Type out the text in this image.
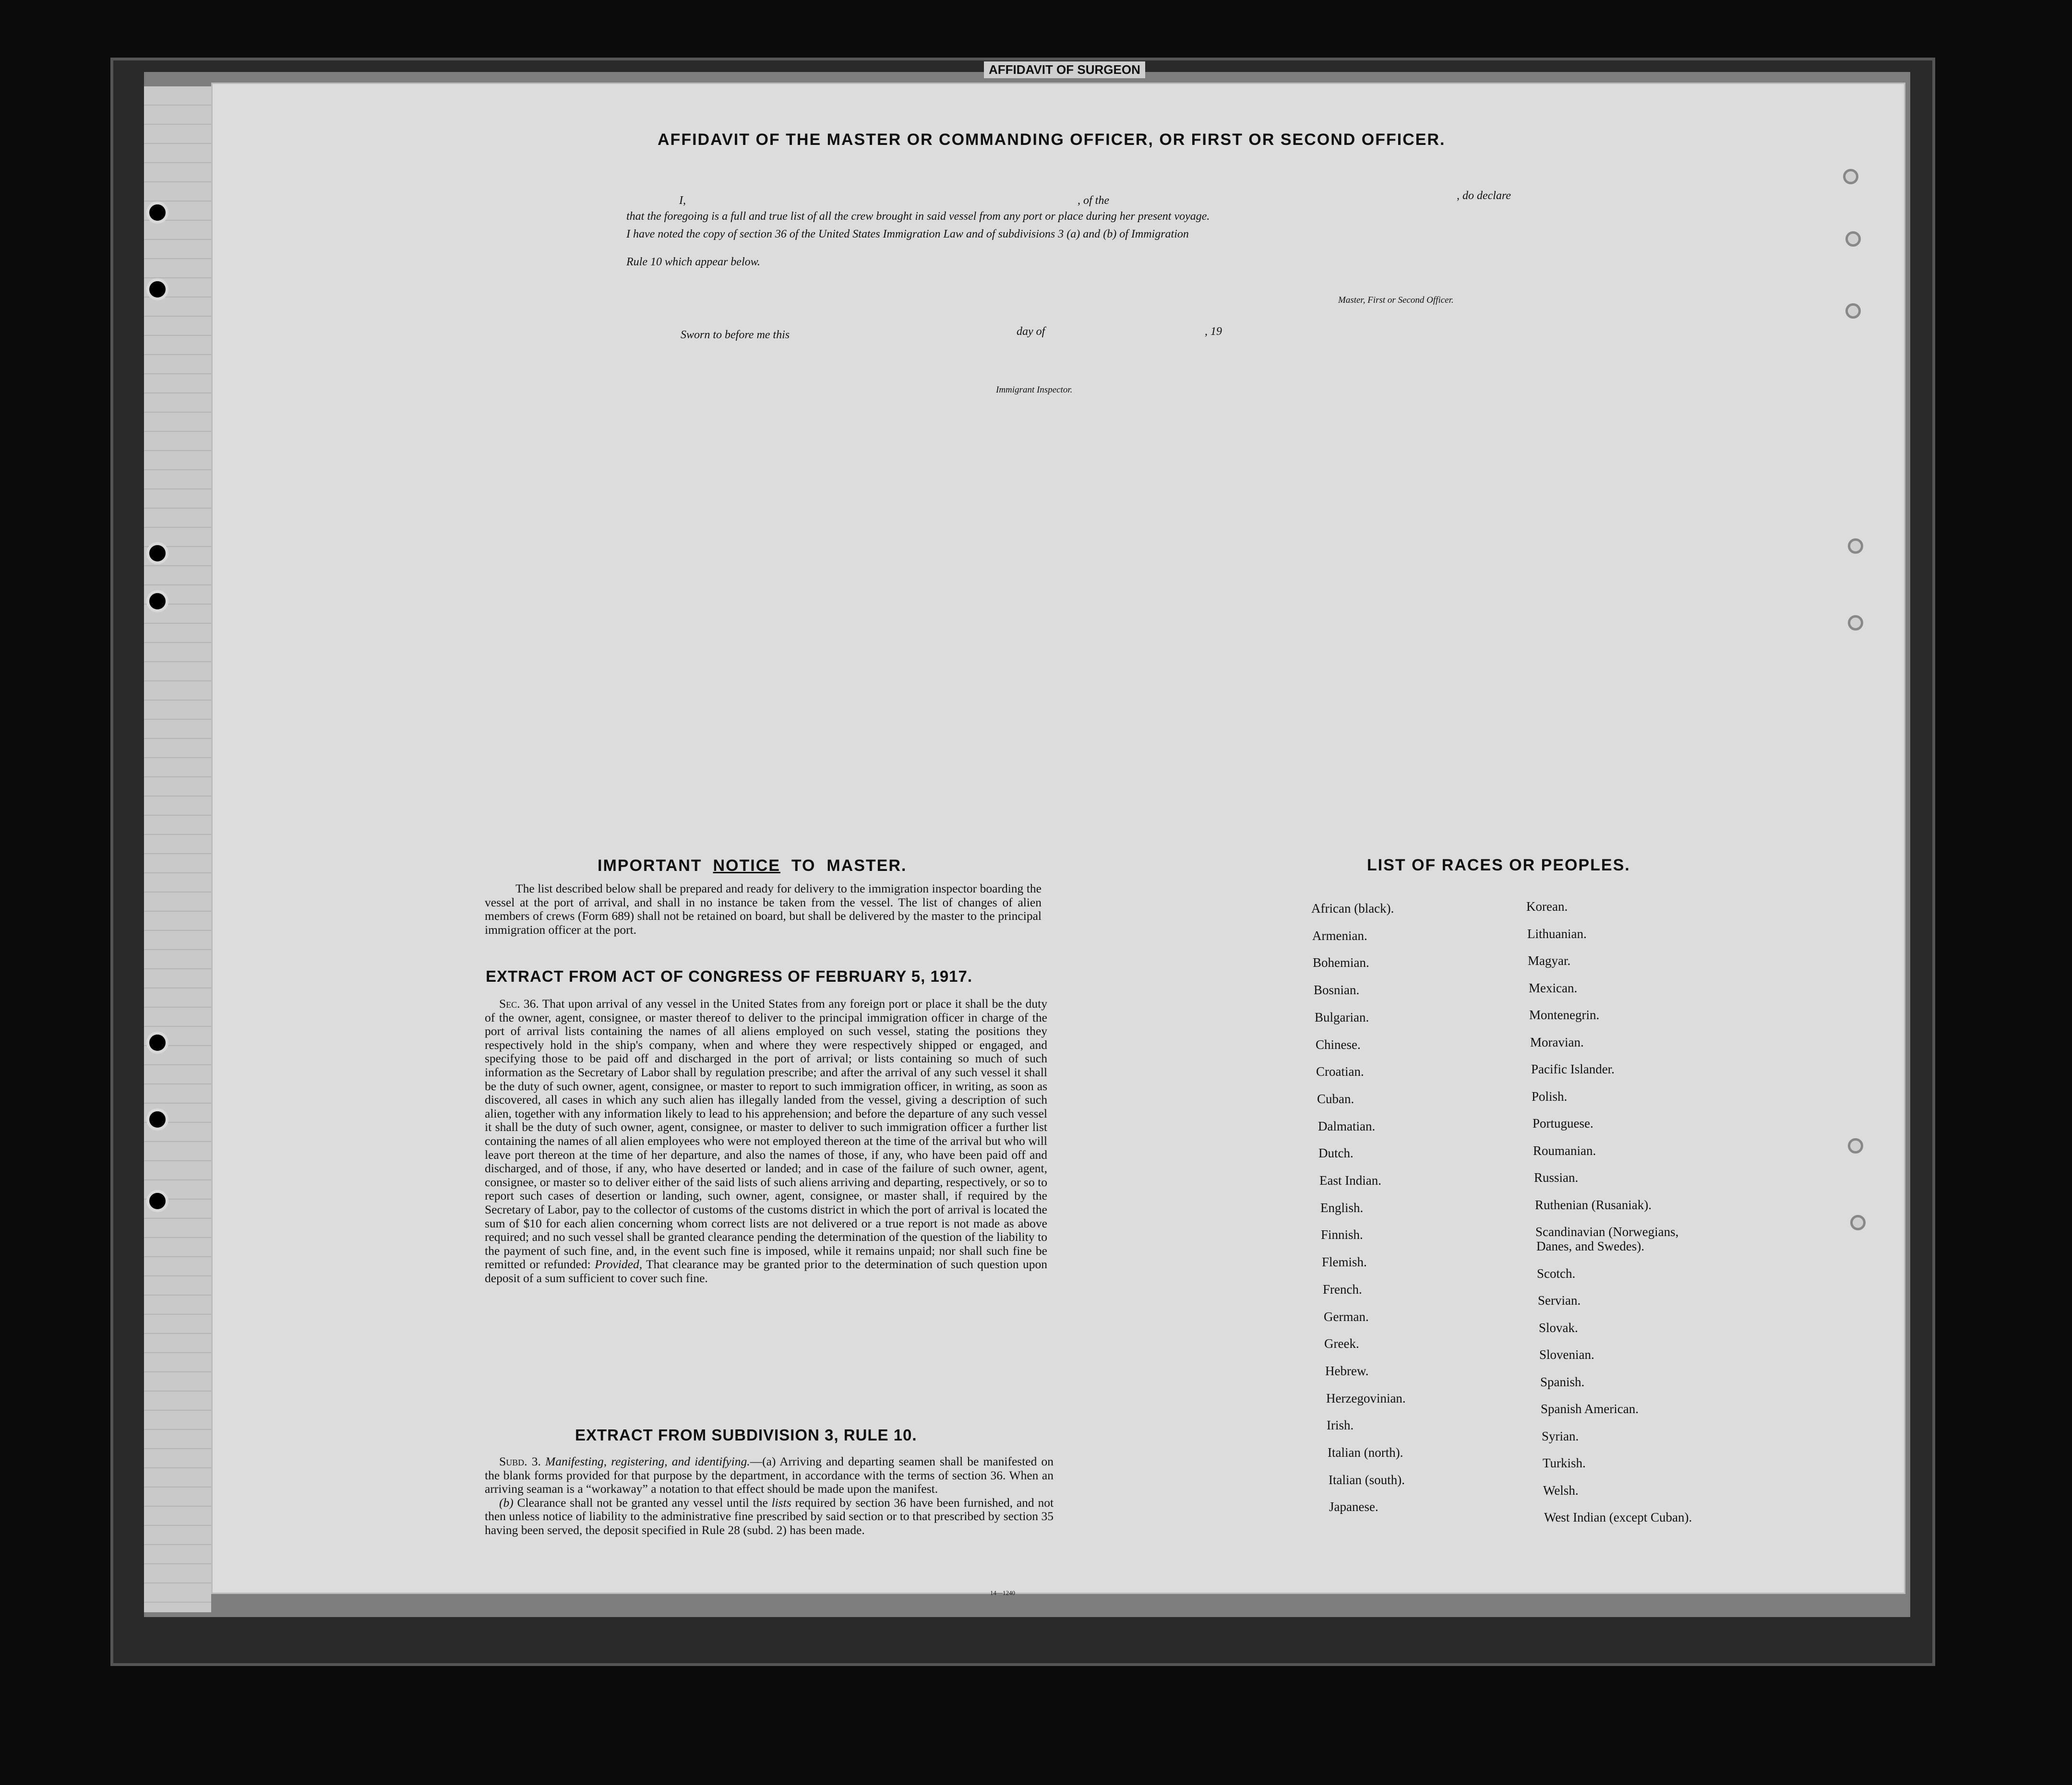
AFFIDAVIT OF SURGEON
AFFIDAVIT OF THE MASTER OR COMMANDING OFFICER, OR FIRST OR SECOND OFFICER.
I,	, of the	, do declare
that the foregoing is a full and true list of all the crew brought in said vessel from any port or place during her present voyage.
I have noted the copy of section 36 of the United States Immigration Law and of subdivisions 3 (a) and (b) of Immigration
Rule 10 which appear below.
Master, First or Second Officer.
Sworn to before me this	day of	, 19
Immigrant Inspector.
IMPORTANT NOTICE TO MASTER.
The list described below shall be prepared and ready for delivery to the immigration inspector boarding the vessel at the port of arrival, and shall in no instance be taken from the vessel. The list of changes of alien members of crews (Form 689) shall not be retained on board, but shall be delivered by the master to the principal immigration officer at the port.
EXTRACT FROM ACT OF CONGRESS OF FEBRUARY 5, 1917.
Sec. 36. That upon arrival of any vessel in the United States from any foreign port or place it shall be the duty of the owner, agent, consignee, or master thereof to deliver to the principal immigration officer in charge of the port of arrival lists containing the names of all aliens employed on such vessel, stating the positions they respectively hold in the ship's company, when and where they were respectively shipped or engaged, and specifying those to be paid off and discharged in the port of arrival; or lists containing so much of such information as the Secretary of Labor shall by regulation prescribe; and after the arrival of any such vessel it shall be the duty of such owner, agent, consignee, or master to report to such immigration officer, in writing, as soon as discovered, all cases in which any such alien has illegally landed from the vessel, giving a description of such alien, together with any information likely to lead to his apprehension; and before the departure of any such vessel it shall be the duty of such owner, agent, consignee, or master to deliver to such immigration officer a further list containing the names of all alien employees who were not employed thereon at the time of the arrival but who will leave port thereon at the time of her departure, and also the names of those, if any, who have been paid off and discharged, and of those, if any, who have deserted or landed; and in case of the failure of such owner, agent, consignee, or master so to deliver either of the said lists of such aliens arriving and departing, respectively, or so to report such cases of desertion or landing, such owner, agent, consignee, or master shall, if required by the Secretary of Labor, pay to the collector of customs of the customs district in which the port of arrival is located the sum of $10 for each alien concerning whom correct lists are not delivered or a true report is not made as above required; and no such vessel shall be granted clearance pending the determination of the question of the liability to the payment of such fine, and, in the event such fine is imposed, while it remains unpaid; nor shall such fine be remitted or refunded: Provided, That clearance may be granted prior to the determination of such question upon deposit of a sum sufficient to cover such fine.
EXTRACT FROM SUBDIVISION 3, RULE 10.
Subd. 3. Manifesting, registering, and identifying.—(a) Arriving and departing seamen shall be manifested on the blank forms provided for that purpose by the department, in accordance with the terms of section 36. When an arriving seaman is a “workaway” a notation to that effect should be made upon the manifest.
(b) Clearance shall not be granted any vessel until the lists required by section 36 have been furnished, and not then unless notice of liability to the administrative fine prescribed by said section or to that prescribed by section 35 having been served, the deposit specified in Rule 28 (subd. 2) has been made.
14—1240
LIST OF RACES OR PEOPLES.
African (black).
Armenian.
Bohemian.
Bosnian.
Bulgarian.
Chinese.
Croatian.
Cuban.
Dalmatian.
Dutch.
East Indian.
English.
Finnish.
Flemish.
French.
German.
Greek.
Hebrew.
Herzegovinian.
Irish.
Italian (north).
Italian (south).
Japanese.
Korean.
Lithuanian.
Magyar.
Mexican.
Montenegrin.
Moravian.
Pacific Islander.
Polish.
Portuguese.
Roumanian.
Russian.
Ruthenian (Rusaniak).
Scandinavian (Norwegians,
Danes, and Swedes).
Scotch.
Servian.
Slovak.
Slovenian.
Spanish.
Spanish American.
Syrian.
Turkish.
Welsh.
West Indian (except Cuban).
